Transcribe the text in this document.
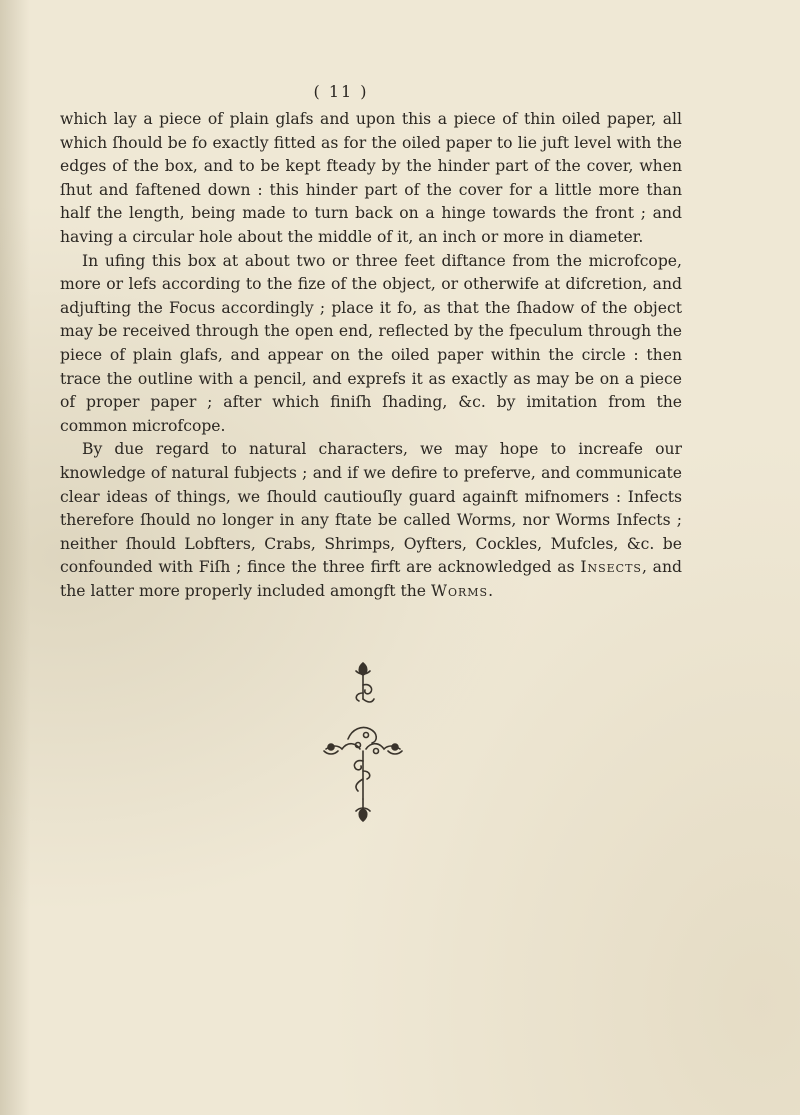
( 11 )

which lay a piece of plain glafs and upon this a piece of thin oiled paper, all which ſhould be fo exactly fitted as for the oiled paper to lie juft level with the edges of the box, and to be kept fteady by the hinder part of the cover, when ſhut and faftened down : this hinder part of the cover for a little more than half the length, being made to turn back on a hinge towards the front ; and having a circular hole about the middle of it, an inch or more in diameter.

In ufing this box at about two or three feet diftance from the microfcope, more or lefs according to the fize of the object, or otherwife at difcretion, and adjufting the Focus accordingly ; place it fo, as that the ſhadow of the object may be received through the open end, reflected by the fpeculum through the piece of plain glafs, and appear on the oiled paper within the circle : then trace the outline with a pencil, and exprefs it as exactly as may be on a piece of proper paper ; after which finiſh ſhading, &c. by imitation from the common microfcope.

By due regard to natural characters, we may hope to increafe our knowledge of natural fubjects ; and if we defire to preferve, and communicate clear ideas of things, we ſhould cautiouſly guard againft mifnomers : Infects therefore ſhould no longer in any ftate be called Worms, nor Worms Infects ; neither ſhould Lobfters, Crabs, Shrimps, Oyfters, Cockles, Mufcles, &c. be confounded with Fiſh ; fince the three firft are acknowledged as Insects, and the latter more properly included amongft the Worms.
